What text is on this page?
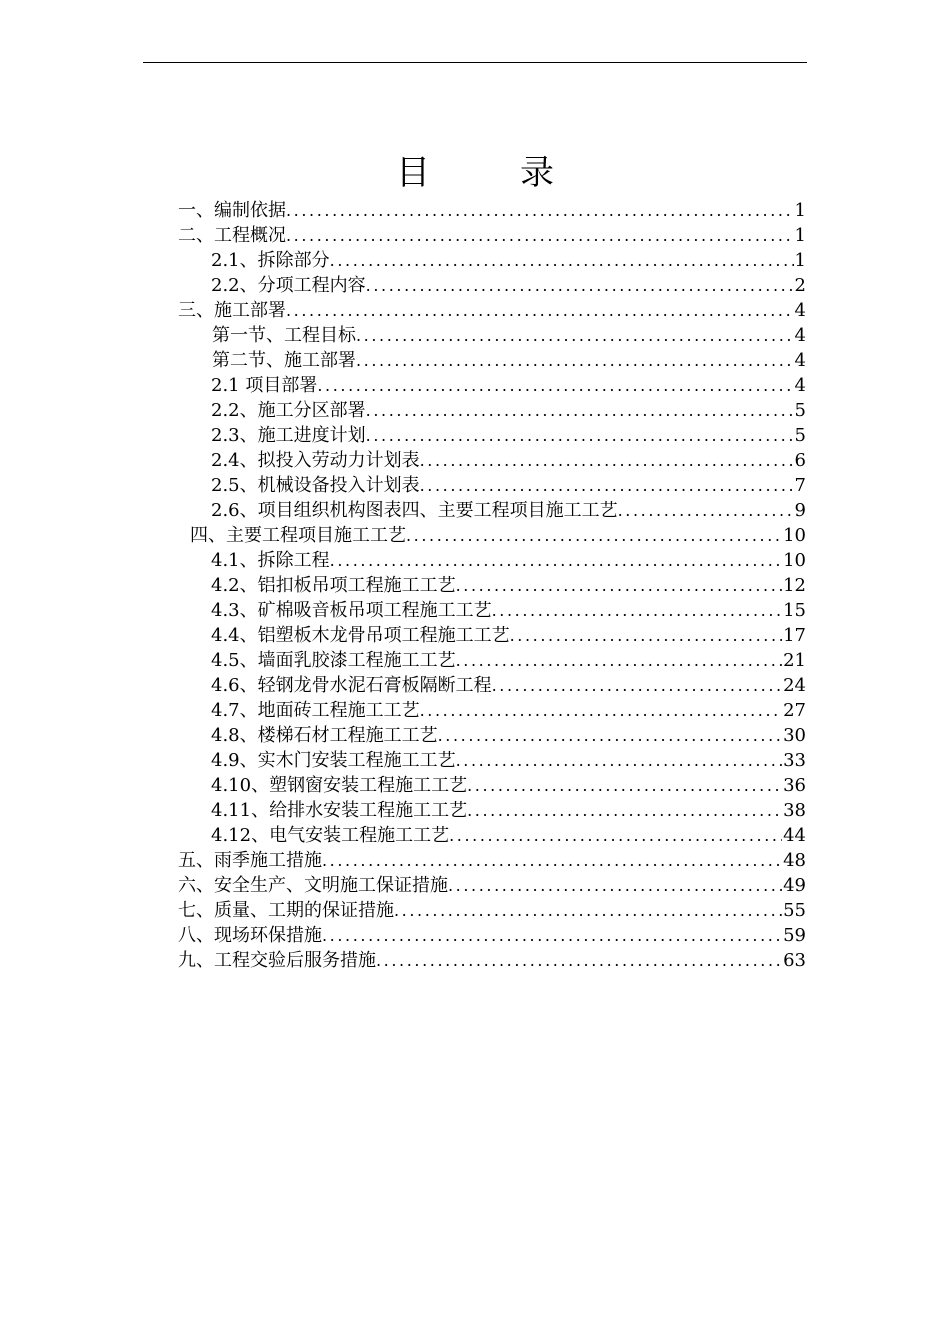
目　录
一、编制依据 .....	1
二、工程概况 .....	1
2.1、拆除部分 .....	1
2.2、分项工程内容 .....	2
三、施工部署 .....	4
第一节、工程目标 .....	4
第二节、施工部署 .....	4
2.1 项目部署 .....	4
2.2、施工分区部署 .....	5
2.3、施工进度计划 .....	5
2.4、拟投入劳动力计划表 .....	6
2.5、机械设备投入计划表 .....	7
2.6、项目组织机构图表四、主要工程项目施工工艺 .....	9
四、主要工程项目施工工艺 .....	10
4.1、拆除工程 .....	10
4.2、铝扣板吊项工程施工工艺 .....	12
4.3、矿棉吸音板吊项工程施工工艺 .....	15
4.4、铝塑板木龙骨吊项工程施工工艺 .....	17
4.5、墙面乳胶漆工程施工工艺 .....	21
4.6、轻钢龙骨水泥石膏板隔断工程 .....	24
4.7、地面砖工程施工工艺 .....	27
4.8、楼梯石材工程施工工艺 .....	30
4.9、实木门安装工程施工工艺 .....	33
4.10、塑钢窗安装工程施工工艺 .....	36
4.11、给排水安装工程施工工艺 .....	38
4.12、电气安装工程施工工艺 .....	44
五、雨季施工措施 .....	48
六、安全生产、文明施工保证措施 .....	49
七、质量、工期的保证措施 .....	55
八、现场环保措施 .....	59
九、工程交验后服务措施 .....	63
